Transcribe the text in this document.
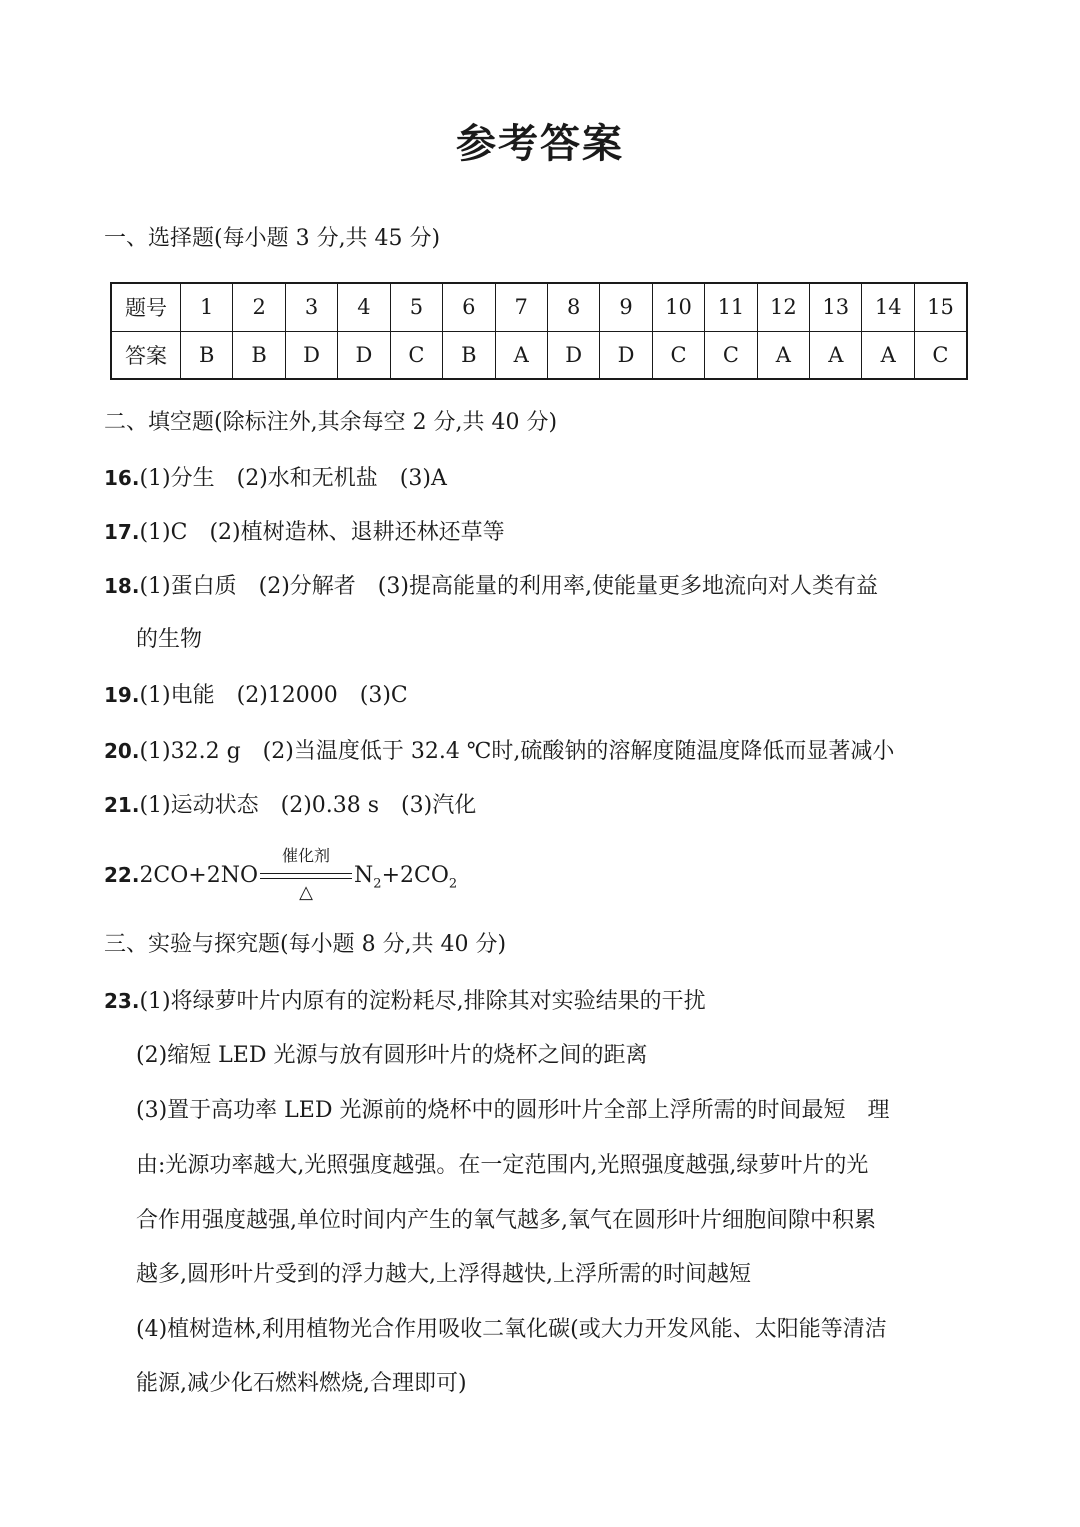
参考答案
一、选择题(每小题 3 分,共 45 分)
题号	1	2	3	4	5	6	7	8	9	10	11	12	13	14	15
答案	B	B	D	D	C	B	A	D	D	C	C	A	A	A	C
二、填空题(除标注外,其余每空 2 分,共 40 分)
16.(1)分生 (2)水和无机盐 (3)A
17.(1)C (2)植树造林、退耕还林还草等
18.(1)蛋白质 (2)分解者 (3)提高能量的利用率,使能量更多地流向对人类有益
的生物
19.(1)电能 (2)12000 (3)C
20.(1)32.2 g (2)当温度低于 32.4 ℃时,硫酸钠的溶解度随温度降低而显著减小
21.(1)运动状态 (2)0.38 s (3)汽化
22.2CO+2NO
催化剂
△
$N_2+2CO_2$
三、实验与探究题(每小题 8 分,共 40 分)
23.(1)将绿萝叶片内原有的淀粉耗尽,排除其对实验结果的干扰
(2)缩短 LED 光源与放有圆形叶片的烧杯之间的距离
(3)置于高功率 LED 光源前的烧杯中的圆形叶片全部上浮所需的时间最短　理
由:光源功率越大,光照强度越强。在一定范围内,光照强度越强,绿萝叶片的光
合作用强度越强,单位时间内产生的氧气越多,氧气在圆形叶片细胞间隙中积累
越多,圆形叶片受到的浮力越大,上浮得越快,上浮所需的时间越短
(4)植树造林,利用植物光合作用吸收二氧化碳(或大力开发风能、太阳能等清洁
能源,减少化石燃料燃烧,合理即可)
